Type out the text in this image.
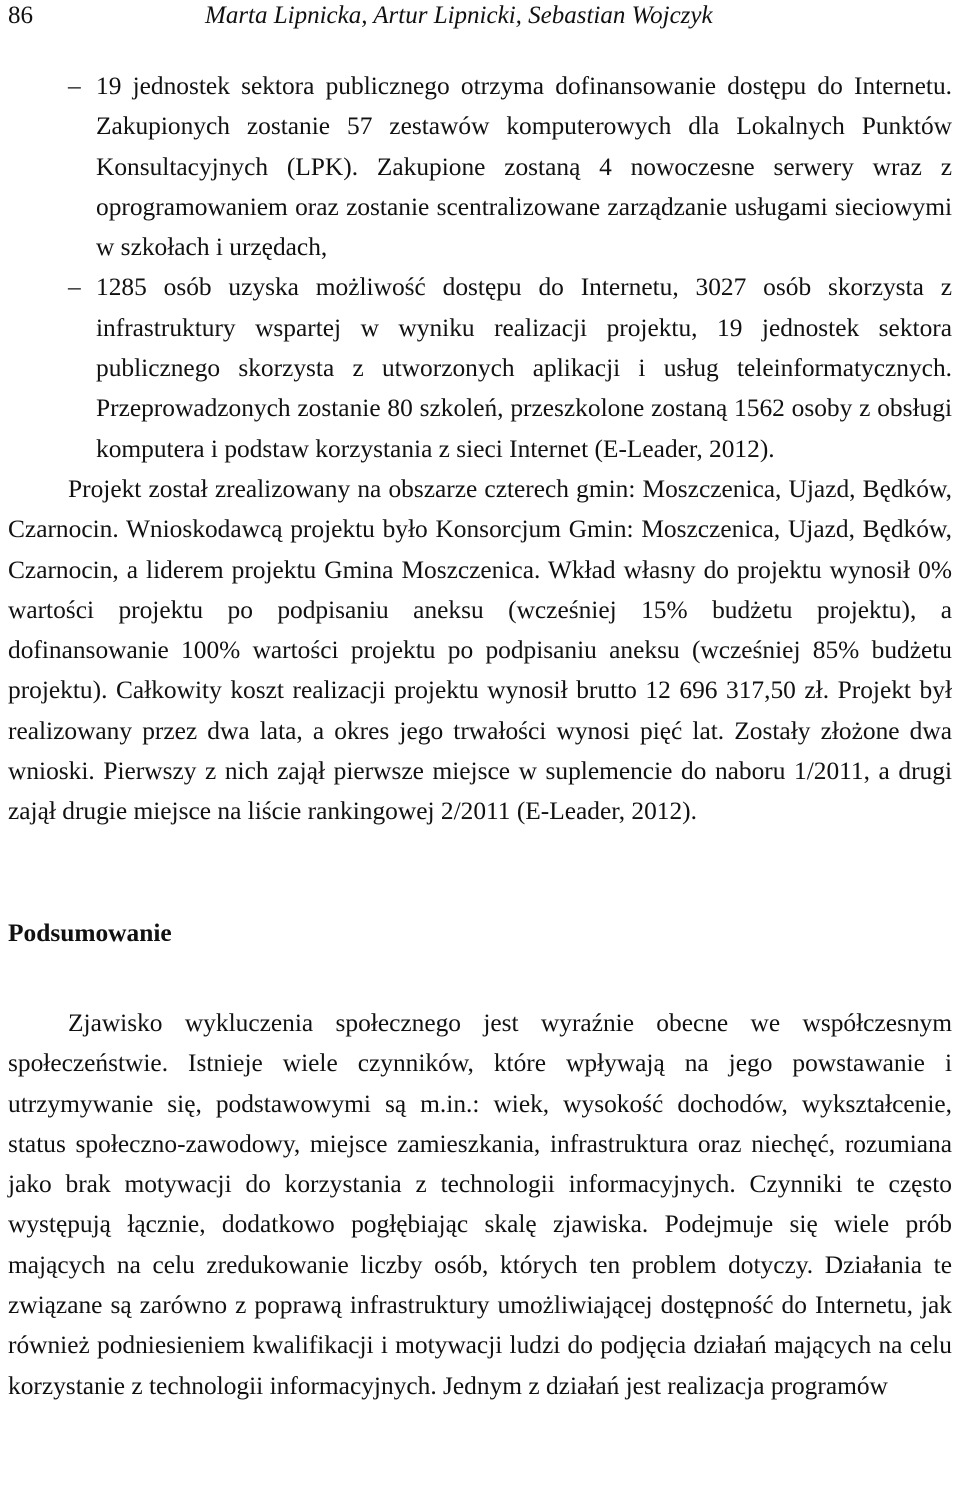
86	Marta Lipnicka, Artur Lipnicki, Sebastian Wojczyk

– 19 jednostek sektora publicznego otrzyma dofinansowanie dostępu do Internetu. Zakupionych zostanie 57 zestawów komputerowych dla Lokalnych Punktów Konsultacyjnych (LPK). Zakupione zostaną 4 nowoczesne serwery wraz z oprogramowaniem oraz zostanie scentralizowane zarządzanie usługami sieciowymi w szkołach i urzędach,

– 1285 osób uzyska możliwość dostępu do Internetu, 3027 osób skorzysta z infrastruktury wspartej w wyniku realizacji projektu, 19 jednostek sektora publicznego skorzysta z utworzonych aplikacji i usług teleinformatycznych. Przeprowadzonych zostanie 80 szkoleń, przeszkolone zostaną 1562 osoby z obsługi komputera i podstaw korzystania z sieci Internet (E-Leader, 2012).

Projekt został zrealizowany na obszarze czterech gmin: Moszczenica, Ujazd, Będków, Czarnocin. Wnioskodawcą projektu było Konsorcjum Gmin: Moszczenica, Ujazd, Będków, Czarnocin, a liderem projektu Gmina Moszczenica. Wkład własny do projektu wynosił 0% wartości projektu po podpisaniu aneksu (wcześniej 15% budżetu projektu), a dofinansowanie 100% wartości projektu po podpisaniu aneksu (wcześniej 85% budżetu projektu). Całkowity koszt realizacji projektu wynosił brutto 12 696 317,50 zł. Projekt był realizowany przez dwa lata, a okres jego trwałości wynosi pięć lat. Zostały złożone dwa wnioski. Pierwszy z nich zajął pierwsze miejsce w suplemencie do naboru 1/2011, a drugi zajął drugie miejsce na liście rankingowej 2/2011 (E-Leader, 2012).

Podsumowanie

Zjawisko wykluczenia społecznego jest wyraźnie obecne we współczesnym społeczeństwie. Istnieje wiele czynników, które wpływają na jego powstawanie i utrzymywanie się, podstawowymi są m.in.: wiek, wysokość dochodów, wykształcenie, status społeczno-zawodowy, miejsce zamieszkania, infrastruktura oraz niechęć, rozumiana jako brak motywacji do korzystania z technologii informacyjnych. Czynniki te często występują łącznie, dodatkowo pogłębiając skalę zjawiska. Podejmuje się wiele prób mających na celu zredukowanie liczby osób, których ten problem dotyczy. Działania te związane są zarówno z poprawą infrastruktury umożliwiającej dostępność do Internetu, jak również podniesieniem kwalifikacji i motywacji ludzi do podjęcia działań mających na celu korzystanie z technologii informacyjnych. Jednym z działań jest realizacja programów
